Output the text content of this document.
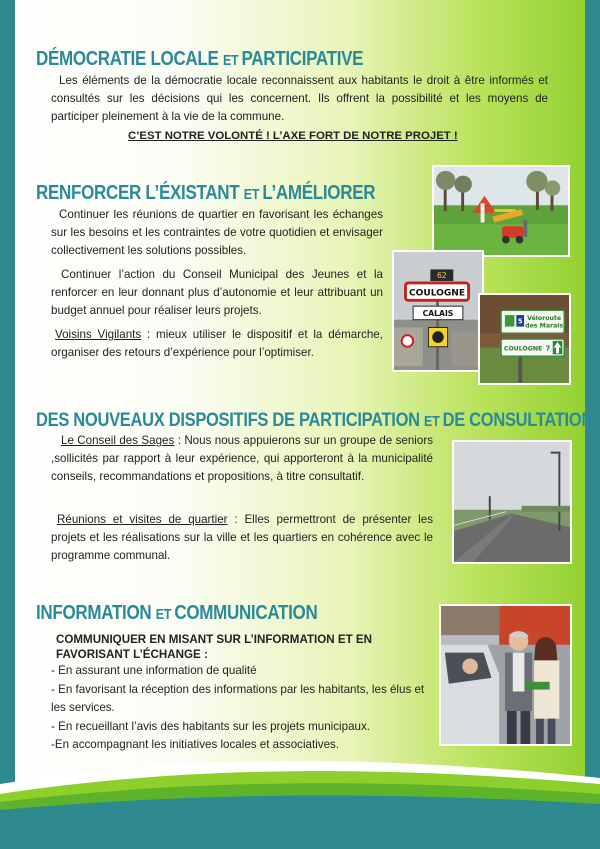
DÉMOCRATIE LOCALE ET PARTICIPATIVE

Les éléments de la démocratie locale reconnaissent aux habitants le droit à être informés et consultés sur les décisions qui les concernent. Ils offrent la possibilité et les moyens de participer pleinement à la vie de la commune.

C’EST NOTRE VOLONTÉ ! L’AXE FORT DE NOTRE PROJET !
RENFORCER L’ÉXISTANT ET L’AMÉLIORER

Continuer les réunions de quartier en favorisant les échanges sur les besoins et les contraintes de votre quotidien et envisager collectivement les solutions possibles.

Continuer l’action du Conseil Municipal des Jeunes et la renforcer en leur donnant plus d’autonomie et leur attribuant un budget annuel pour réaliser leurs projets.

Voisins Vigilants : mieux utiliser le dispositif et la démarche, organiser des retours d’expérience pour l’optimiser.

62
COULOGNE
CALAIS
5 Véloroute
des Marais
COULOGNE 7
DES NOUVEAUX DISPOSITIFS DE PARTICIPATION ET DE CONSULTATION

Le Conseil des Sages : Nous nous appuierons sur un groupe de seniors ,sollicités par rapport à leur expérience, qui apporteront à la municipalité conseils, recommandations et propositions, à titre consultatif.

Réunions et visites de quartier : Elles permettront de présenter les projets et les réalisations sur la ville et les quartiers en cohérence avec le programme communal.

INFORMATION ET COMMUNICATION

COMMUNIQUER EN MISANT SUR L’INFORMATION ET EN
FAVORISANT L’ÉCHANGE :

- En assurant une information de qualité
- En favorisant la réception des informations par les habitants, les élus et les services.
- En recueillant l’avis des habitants sur les projets municipaux.
-En accompagnant les initiatives locales et associatives.
